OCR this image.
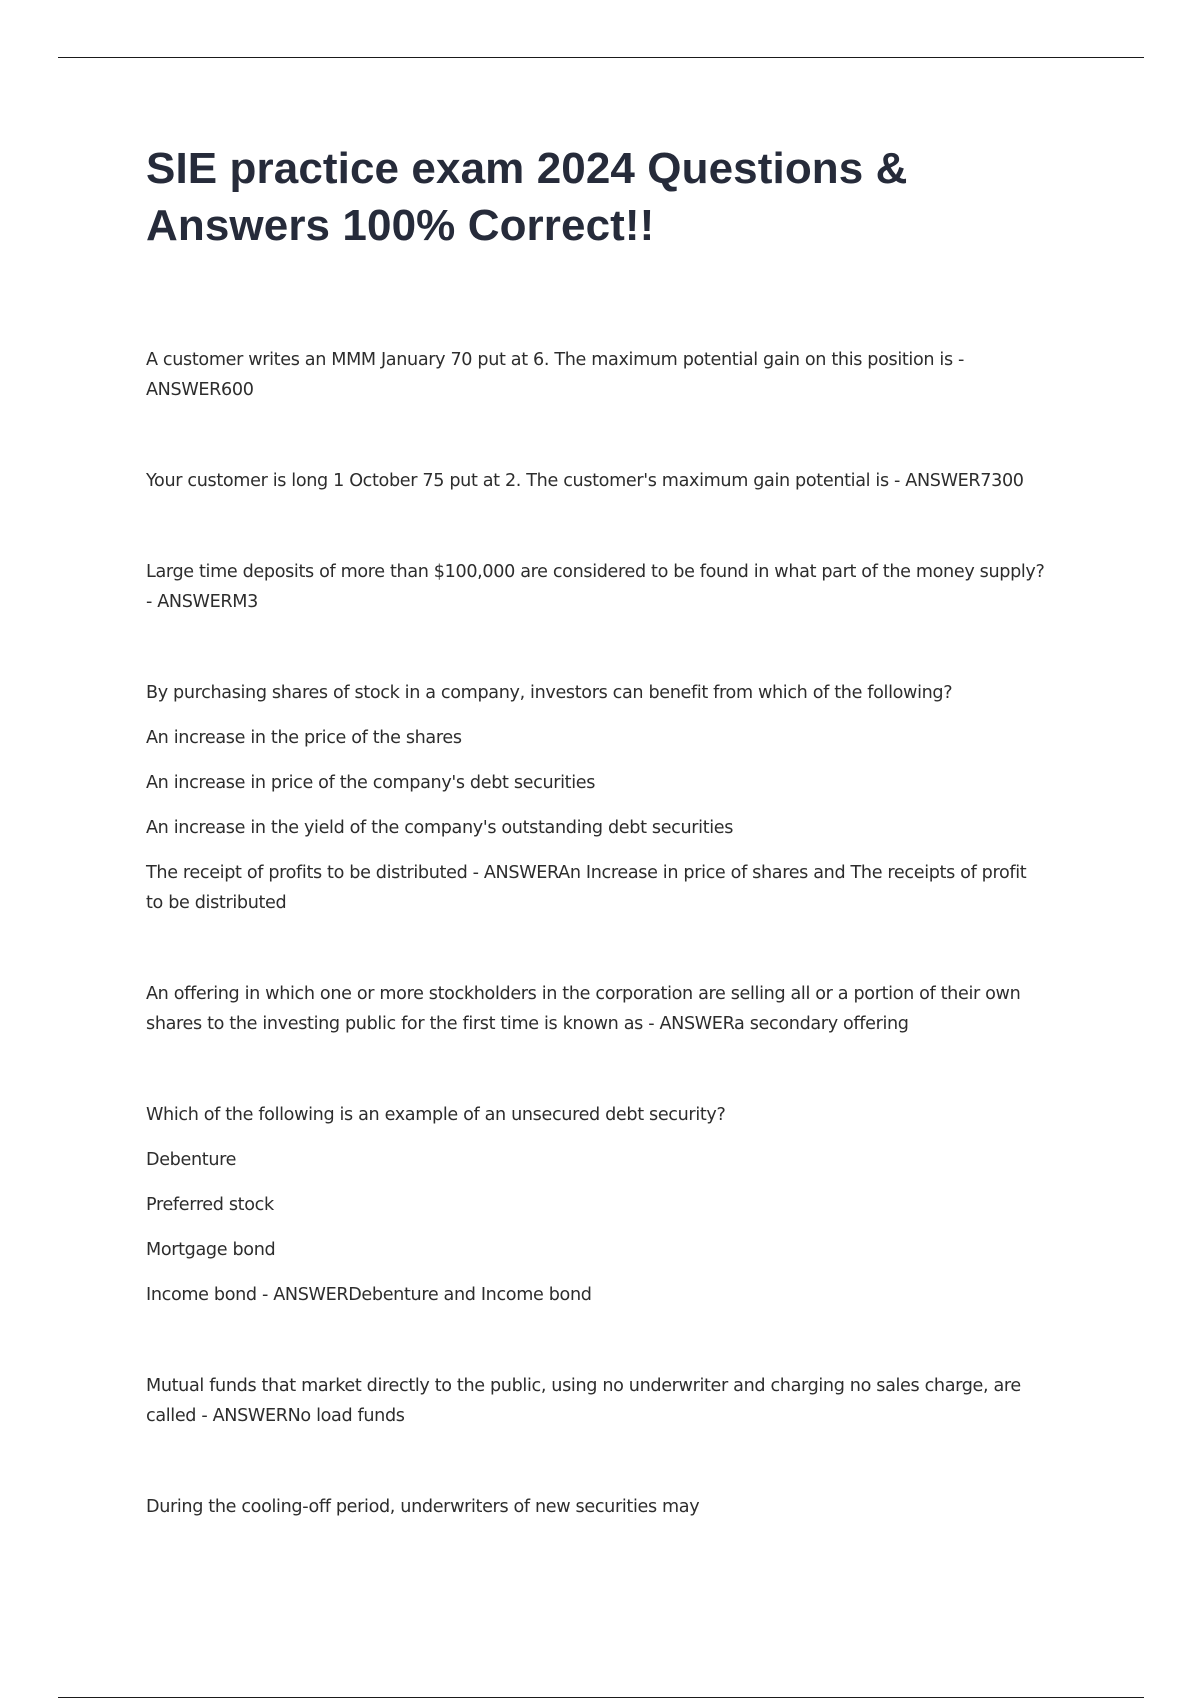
SIE practice exam 2024 Questions & Answers 100% Correct!!

A customer writes an MMM January 70 put at 6. The maximum potential gain on this position is - ANSWER600

Your customer is long 1 October 75 put at 2. The customer's maximum gain potential is - ANSWER7300

Large time deposits of more than $100,000 are considered to be found in what part of the money supply? - ANSWERM3

By purchasing shares of stock in a company, investors can benefit from which of the following?

An increase in the price of the shares

An increase in price of the company's debt securities

An increase in the yield of the company's outstanding debt securities

The receipt of profits to be distributed - ANSWERAn Increase in price of shares and The receipts of profit to be distributed

An offering in which one or more stockholders in the corporation are selling all or a portion of their own shares to the investing public for the first time is known as - ANSWERa secondary offering

Which of the following is an example of an unsecured debt security?

Debenture

Preferred stock

Mortgage bond

Income bond - ANSWERDebenture and Income bond

Mutual funds that market directly to the public, using no underwriter and charging no sales charge, are called - ANSWERNo load funds

During the cooling-off period, underwriters of new securities may
